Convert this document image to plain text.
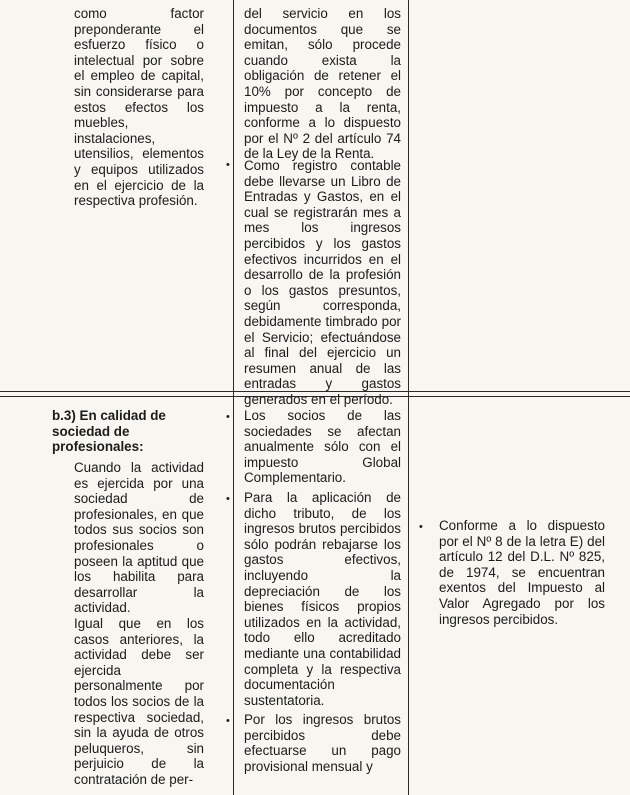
como factor preponderante el esfuerzo físico o intelectual por sobre el empleo de capital, sin considerarse para estos efectos los muebles, instalaciones, utensilios, elementos y equipos utilizados en el ejercicio de la respectiva profesión.

del servicio en los documentos que se emitan, sólo procede cuando exista la obligación de retener el 10% por concepto de impuesto a la renta, conforme a lo dispuesto por el Nº 2 del artículo 74 de la Ley de la Renta.

• Como registro contable debe llevarse un Libro de Entradas y Gastos, en el cual se registrarán mes a mes los ingresos percibidos y los gastos efectivos incurridos en el desarrollo de la profesión o los gastos presuntos, según corresponda, debidamente timbrado por el Servicio; efectuándose al final del ejercicio un resumen anual de las entradas y gastos generados en el período.

b.3) En calidad de sociedad de profesionales:

Cuando la actividad es ejercida por una sociedad de profesionales, en que todos sus socios son profesionales o poseen la aptitud que los habilita para desarrollar la actividad.

Igual que en los casos anteriores, la actividad debe ser ejercida personalmente por todos los socios de la respectiva sociedad, sin la ayuda de otros peluqueros, sin perjuicio de la contratación de per-

• Los socios de las sociedades se afectan anualmente sólo con el impuesto Global Complementario.

• Para la aplicación de dicho tributo, de los ingresos brutos percibidos sólo podrán rebajarse los gastos efectivos, incluyendo la depreciación de los bienes físicos propios utilizados en la actividad, todo ello acreditado mediante una contabilidad completa y la respectiva documentación sustentatoria.

• Por los ingresos brutos percibidos debe efectuarse un pago provisional mensual y

• Conforme a lo dispuesto por el Nº 8 de la letra E) del artículo 12 del D.L. Nº 825, de 1974, se encuentran exentos del Impuesto al Valor Agregado por los ingresos percibidos.
